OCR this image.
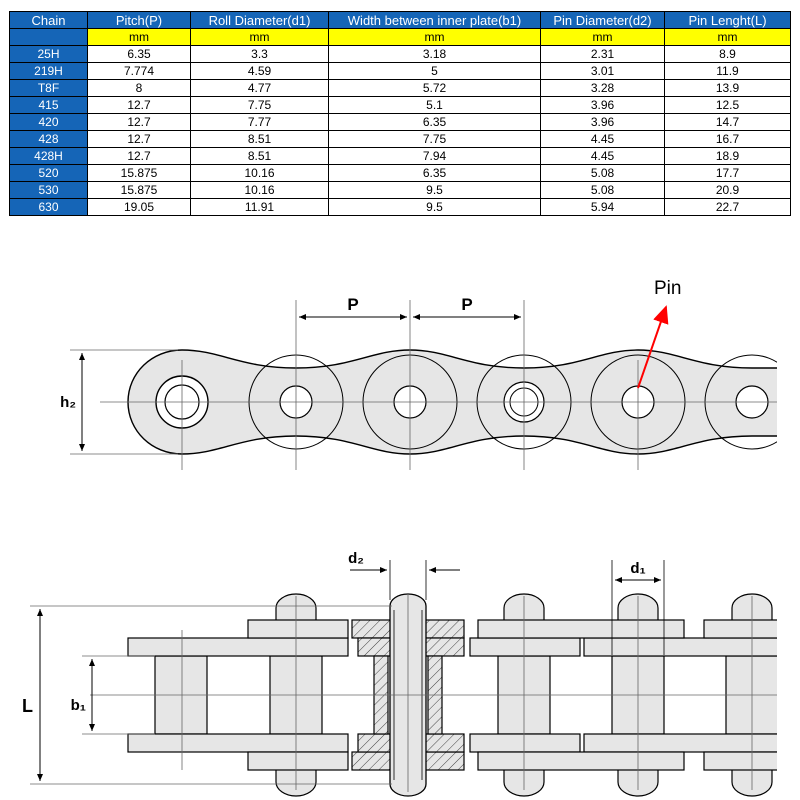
Chain	Pitch(P)	Roll Diameter(d1)	Width between inner plate(b1)	Pin Diameter(d2)	Pin Lenght(L)
	mm	mm	mm	mm	mm
25H	6.35	3.3	3.18	2.31	8.9
219H	7.774	4.59	5	3.01	11.9
T8F	8	4.77	5.72	3.28	13.9
415	12.7	7.75	5.1	3.96	12.5
420	12.7	7.77	6.35	3.96	14.7
428	12.7	8.51	7.75	4.45	16.7
428H	12.7	8.51	7.94	4.45	18.9
520	15.875	10.16	6.35	5.08	17.7
530	15.875	10.16	9.5	5.08	20.9
630	19.05	11.91	9.5	5.94	22.7
P	P
h₂
Pin
d₂
d₁
L	b₁
